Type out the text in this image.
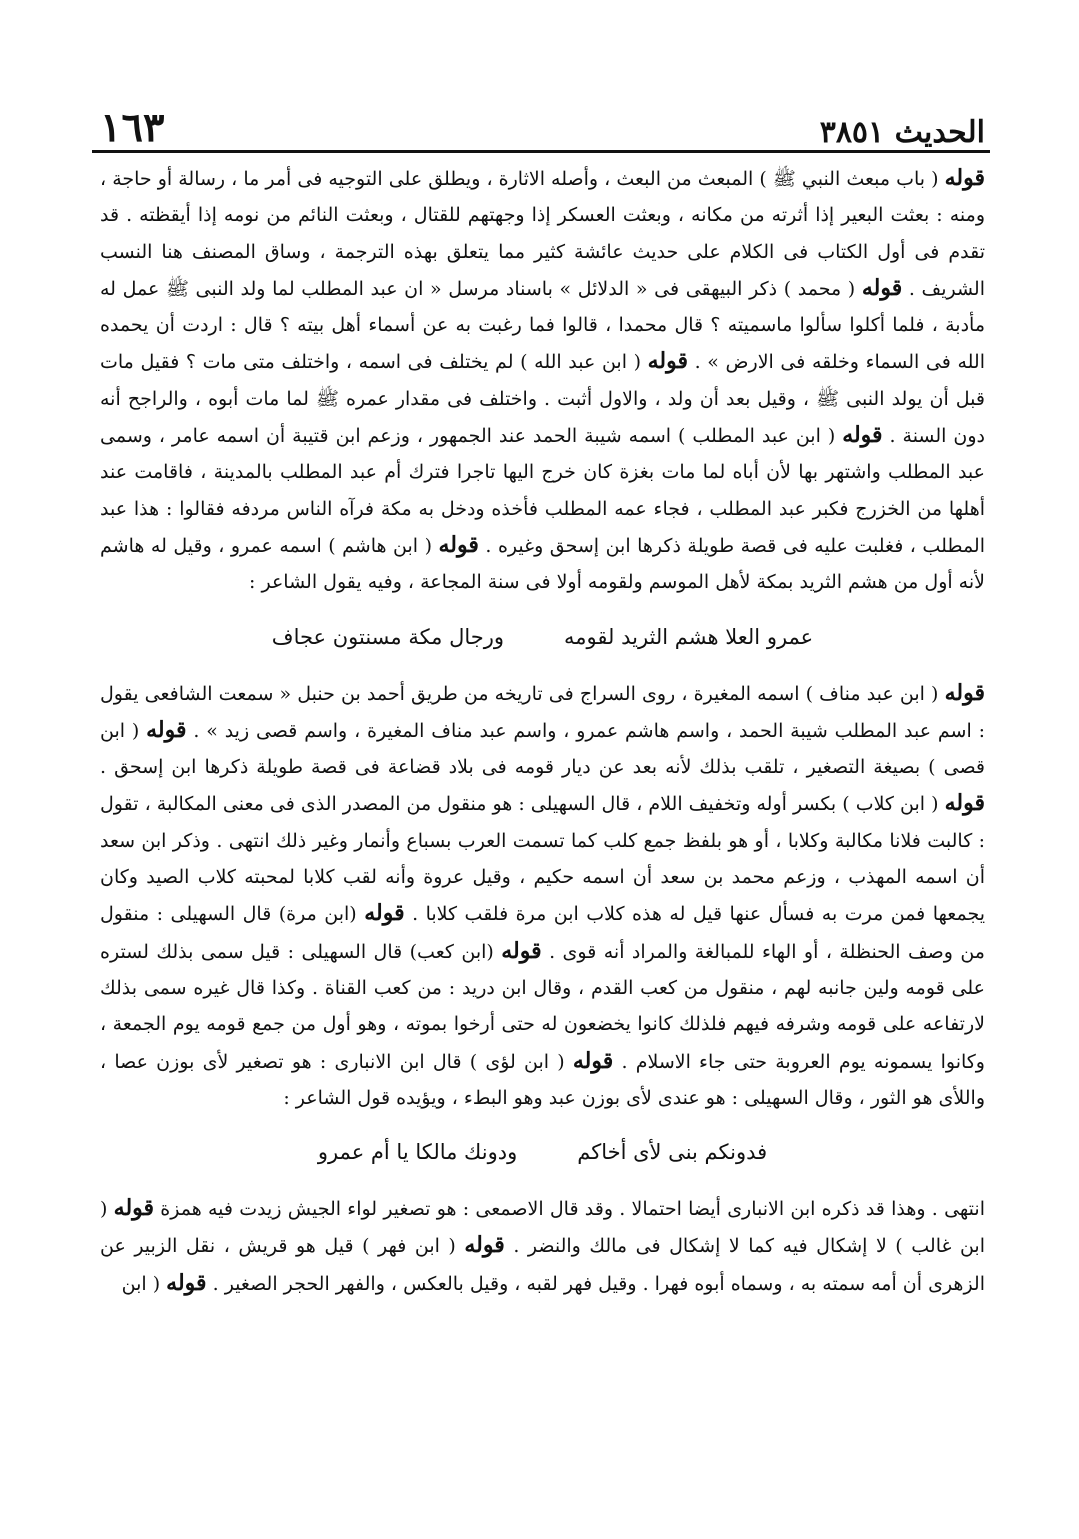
١٦٣	الحديث ٣٨٥١

قوله ( باب مبعث النبي ﷺ ) المبعث من البعث ، وأصله الاثارة ، ويطلق على التوجيه فى أمر ما ، رسالة أو حاجة ، ومنه : بعثت البعير إذا أثرته من مكانه ، وبعثت العسكر إذا وجهتهم للقتال ، وبعثت النائم من نومه إذا أيقظته . قد تقدم فى أول الكتاب فى الكلام على حديث عائشة كثير مما يتعلق بهذه الترجمة ، وساق المصنف هنا النسب الشريف . قوله ( محمد ) ذكر البيهقى فى « الدلائل » باسناد مرسل « ان عبد المطلب لما ولد النبى ﷺ عمل له مأدبة ، فلما أكلوا سألوا ماسميته ؟ قال محمدا ، قالوا فما رغبت به عن أسماء أهل بيته ؟ قال : اردت أن يحمده الله فى السماء وخلقه فى الارض » . قوله ( ابن عبد الله ) لم يختلف فى اسمه ، واختلف متى مات ؟ فقيل مات قبل أن يولد النبى ﷺ ، وقيل بعد أن ولد ، والاول أثبت . واختلف فى مقدار عمره ﷺ لما مات أبوه ، والراجح أنه دون السنة . قوله ( ابن عبد المطلب ) اسمه شيبة الحمد عند الجمهور ، وزعم ابن قتيبة أن اسمه عامر ، وسمى عبد المطلب واشتهر بها لأن أباه لما مات بغزة كان خرج اليها تاجرا فترك أم عبد المطلب بالمدينة ، فاقامت عند أهلها من الخزرج فكبر عبد المطلب ، فجاء عمه المطلب فأخذه ودخل به مكة فرآه الناس مردفه فقالوا : هذا عبد المطلب ، فغلبت عليه فى قصة طويلة ذكرها ابن إسحق وغيره . قوله ( ابن هاشم ) اسمه عمرو ، وقيل له هاشم لأنه أول من هشم الثريد بمكة لأهل الموسم ولقومه أولا فى سنة المجاعة ، وفيه يقول الشاعر :

عمرو العلا هشم الثريد لقومه
ورجال مكة مسنتون عجاف

قوله ( ابن عبد مناف ) اسمه المغيرة ، روى السراج فى تاريخه من طريق أحمد بن حنبل « سمعت الشافعى يقول : اسم عبد المطلب شيبة الحمد ، واسم هاشم عمرو ، واسم عبد مناف المغيرة ، واسم قصى زيد » . قوله ( ابن قصى ) بصيغة التصغير ، تلقب بذلك لأنه بعد عن ديار قومه فى بلاد قضاعة فى قصة طويلة ذكرها ابن إسحق . قوله ( ابن كلاب ) بكسر أوله وتخفيف اللام ، قال السهيلى : هو منقول من المصدر الذى فى معنى المكالبة ، تقول : كالبت فلانا مكالبة وكلابا ، أو هو بلفظ جمع كلب كما تسمت العرب بسباع وأنمار وغير ذلك انتهى . وذكر ابن سعد أن اسمه المهذب ، وزعم محمد بن سعد أن اسمه حكيم ، وقيل عروة وأنه لقب كلابا لمحبته كلاب الصيد وكان يجمعها فمن مرت به فسأل عنها قيل له هذه كلاب ابن مرة فلقب كلابا . قوله (ابن مرة) قال السهيلى : منقول من وصف الحنظلة ، أو الهاء للمبالغة والمراد أنه قوى . قوله (ابن كعب) قال السهيلى : قيل سمى بذلك لستره على قومه ولين جانبه لهم ، منقول من كعب القدم ، وقال ابن دريد : من كعب القناة . وكذا قال غيره سمى بذلك لارتفاعه على قومه وشرفه فيهم فلذلك كانوا يخضعون له حتى أرخوا بموته ، وهو أول من جمع قومه يوم الجمعة ، وكانوا يسمونه يوم العروبة حتى جاء الاسلام . قوله ( ابن لؤى ) قال ابن الانبارى : هو تصغير لأى بوزن عصا ، واللأى هو الثور ، وقال السهيلى : هو عندى لأى بوزن عبد وهو البطء ، ويؤيده قول الشاعر :

فدونكم بنى لأى أخاكم
ودونك مالكا يا أم عمرو

انتهى . وهذا قد ذكره ابن الانبارى أيضا احتمالا . وقد قال الاصمعى : هو تصغير لواء الجيش زيدت فيه همزة قوله ( ابن غالب ) لا إشكال فيه كما لا إشكال فى مالك والنضر . قوله ( ابن فهر ) قيل هو قريش ، نقل الزبير عن الزهرى أن أمه سمته به ، وسماه أبوه فهرا . وقيل فهر لقبه ، وقيل بالعكس ، والفهر الحجر الصغير . قوله ( ابن
